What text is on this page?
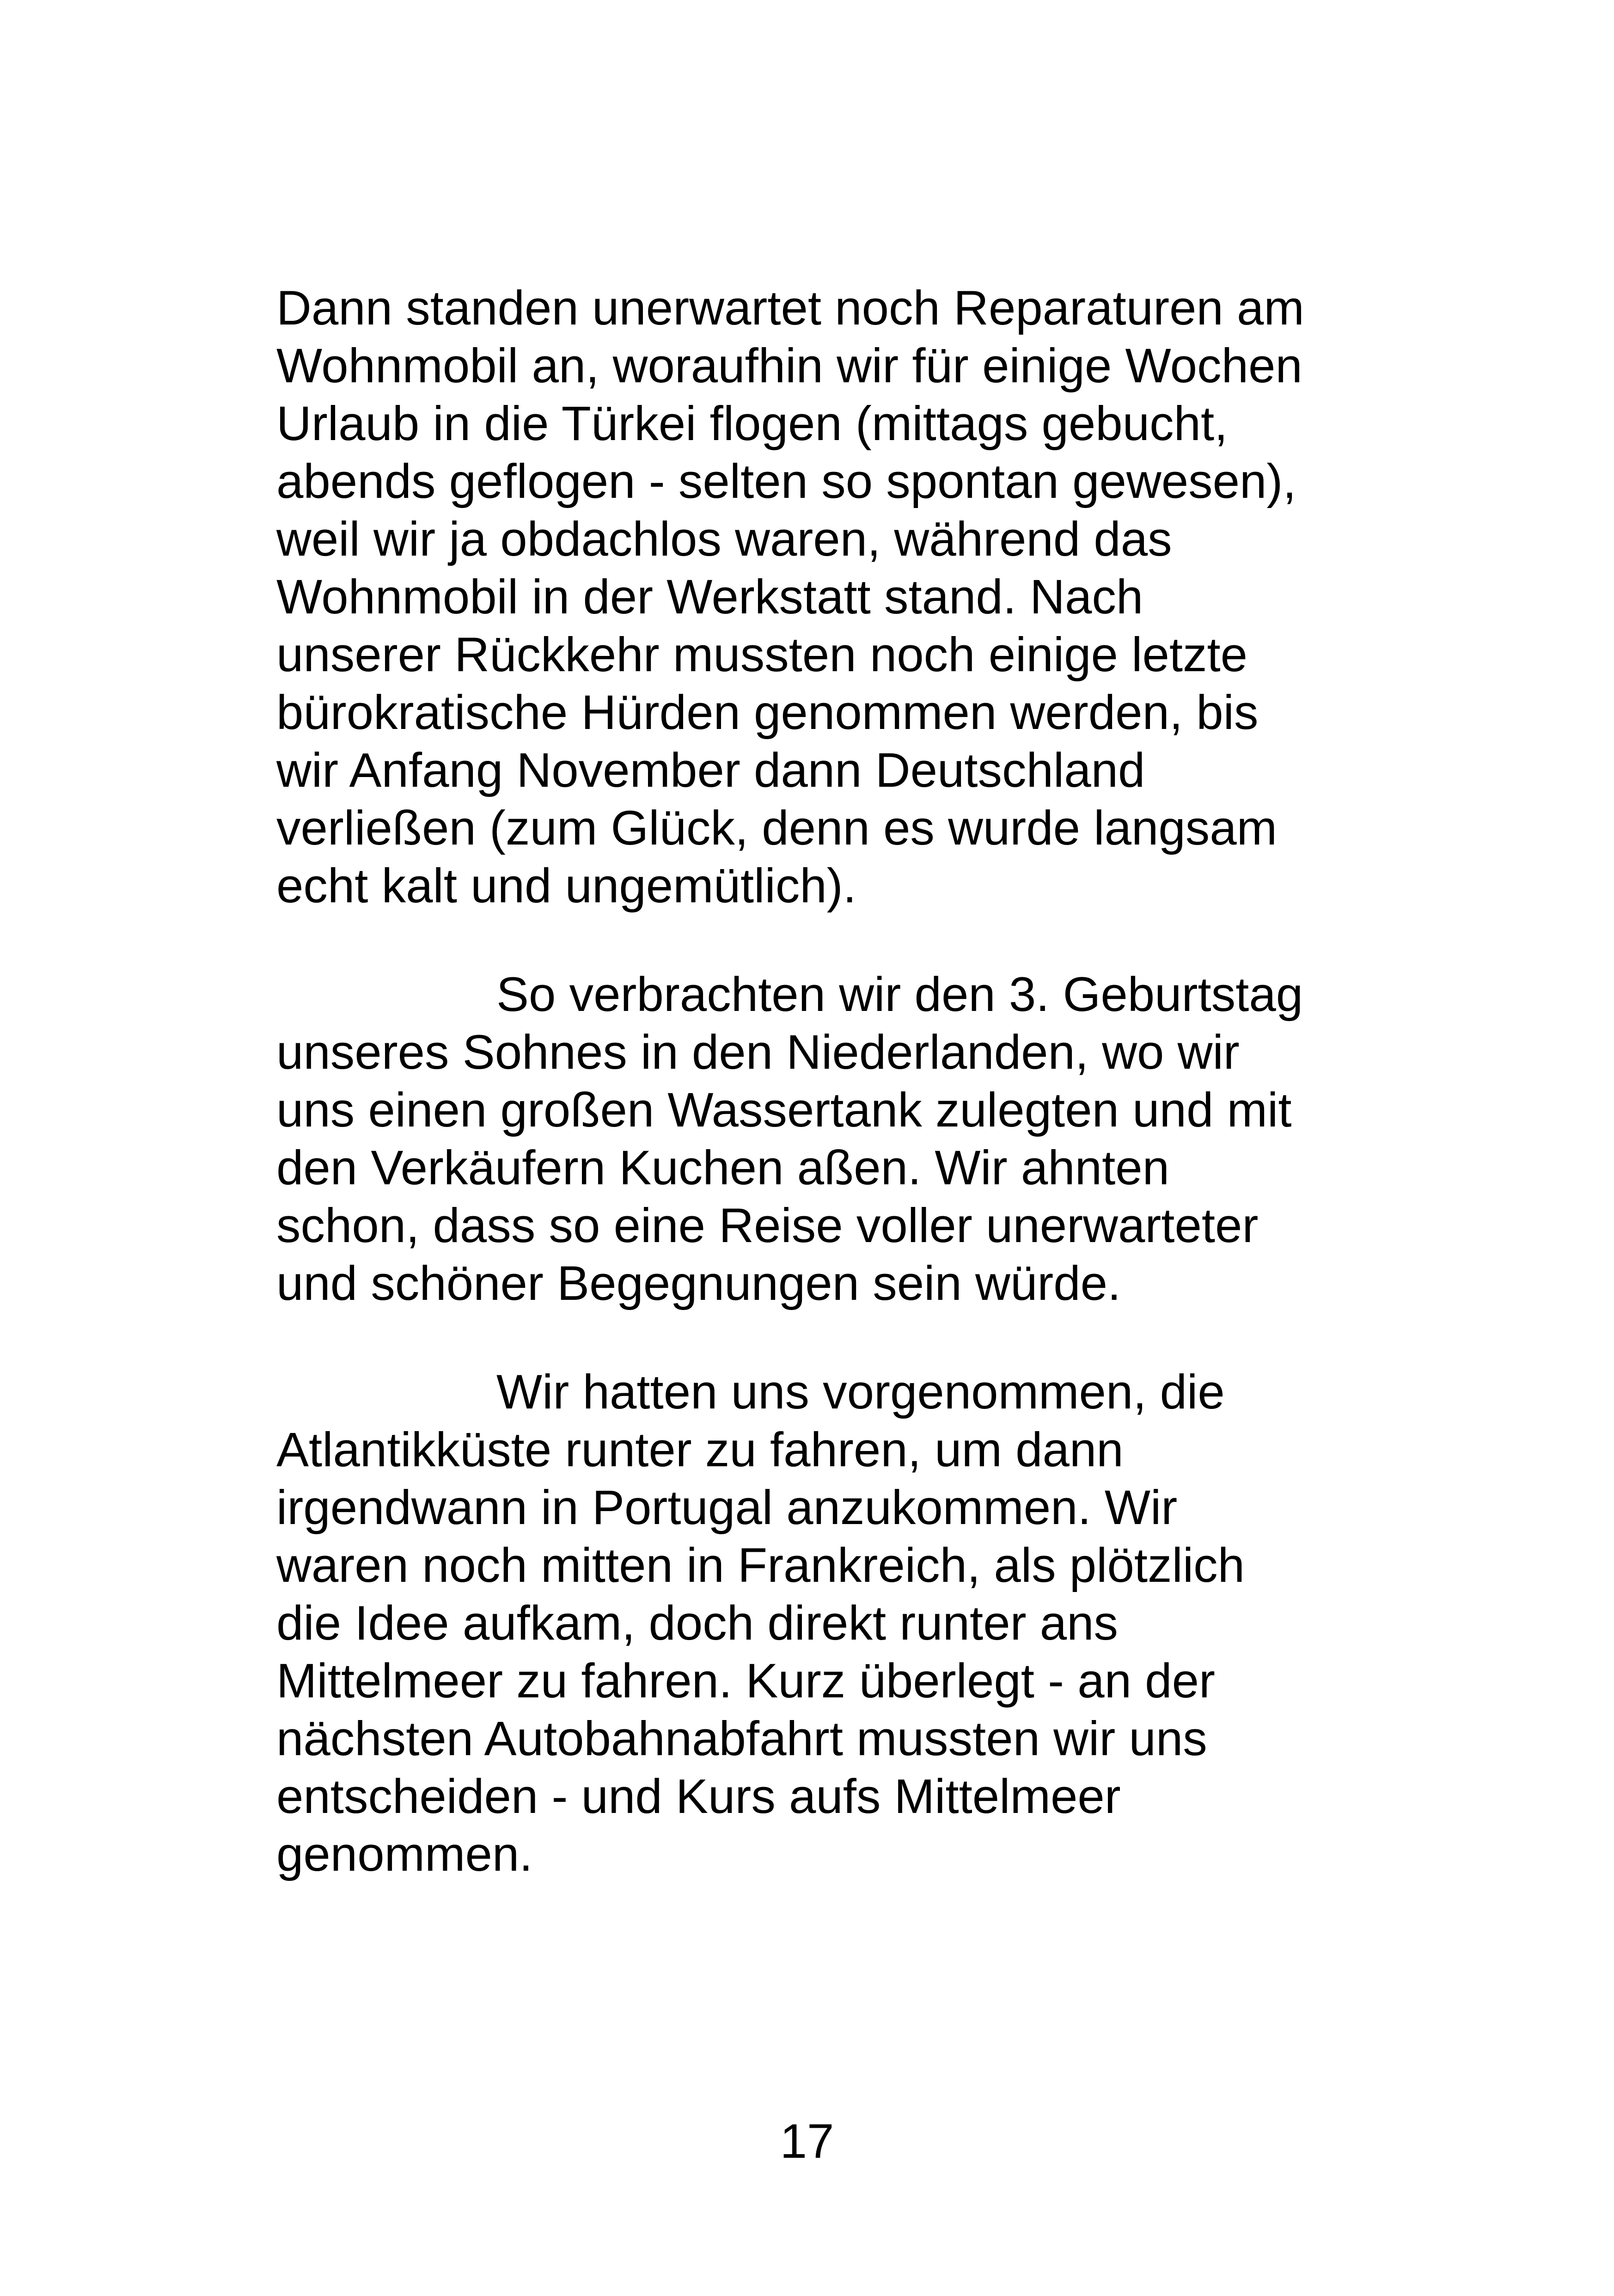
Dann standen unerwartet noch Reparaturen am
Wohnmobil an, woraufhin wir für einige Wochen
Urlaub in die Türkei flogen (mittags gebucht,
abends geflogen - selten so spontan gewesen),
weil wir ja obdachlos waren, während das
Wohnmobil in der Werkstatt stand. Nach
unserer Rückkehr mussten noch einige letzte
bürokratische Hürden genommen werden, bis
wir Anfang November dann Deutschland
verließen (zum Glück, denn es wurde langsam
echt kalt und ungemütlich).

So verbrachten wir den 3. Geburtstag
unseres Sohnes in den Niederlanden, wo wir
uns einen großen Wassertank zulegten und mit
den Verkäufern Kuchen aßen. Wir ahnten
schon, dass so eine Reise voller unerwarteter
und schöner Begegnungen sein würde.

Wir hatten uns vorgenommen, die
Atlantikküste runter zu fahren, um dann
irgendwann in Portugal anzukommen. Wir
waren noch mitten in Frankreich, als plötzlich
die Idee aufkam, doch direkt runter ans
Mittelmeer zu fahren. Kurz überlegt - an der
nächsten Autobahnabfahrt mussten wir uns
entscheiden - und Kurs aufs Mittelmeer
genommen.

17
